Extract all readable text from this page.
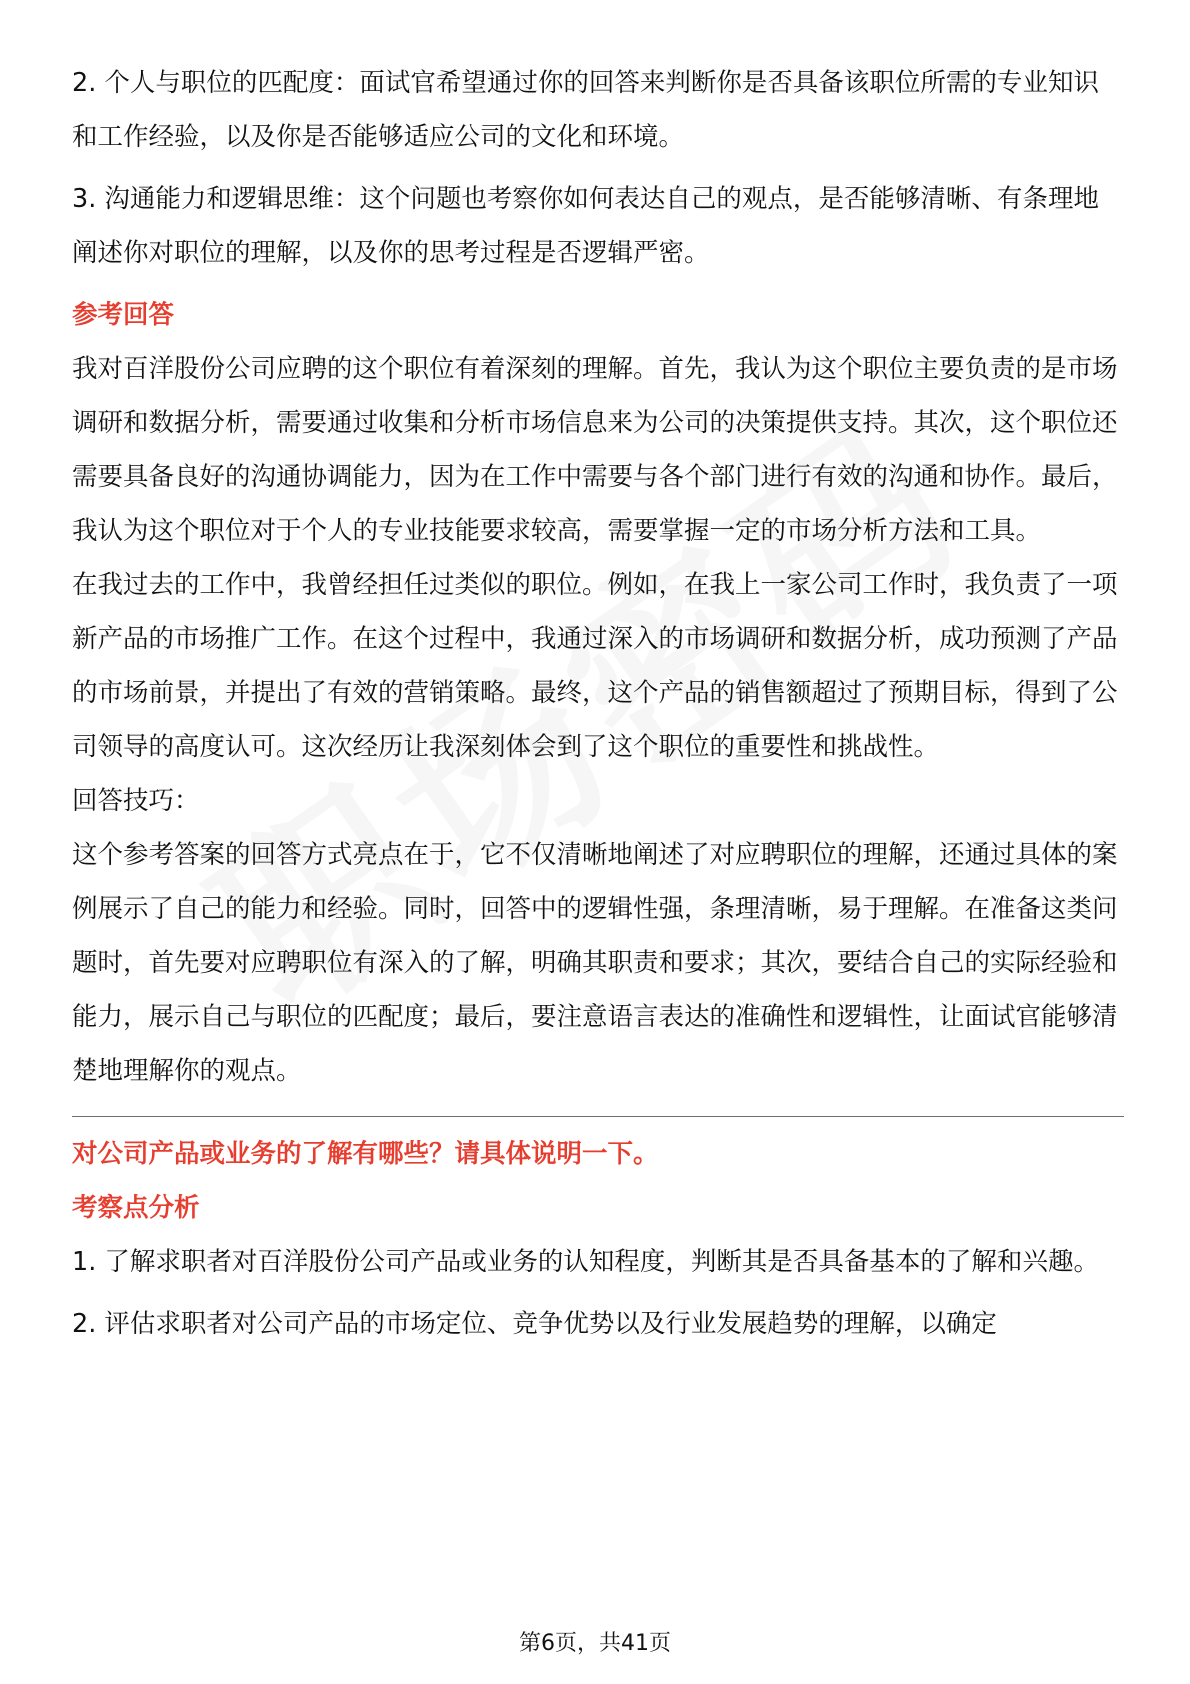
2. 个人与职位的匹配度：面试官希望通过你的回答来判断你是否具备该职位所需的专业知识和工作经验，以及你是否能够适应公司的文化和环境。

3. 沟通能力和逻辑思维：这个问题也考察你如何表达自己的观点，是否能够清晰、有条理地阐述你对职位的理解，以及你的思考过程是否逻辑严密。

参考回答

我对百洋股份公司应聘的这个职位有着深刻的理解。首先，我认为这个职位主要负责的是市场调研和数据分析，需要通过收集和分析市场信息来为公司的决策提供支持。其次，这个职位还需要具备良好的沟通协调能力，因为在工作中需要与各个部门进行有效的沟通和协作。最后，我认为这个职位对于个人的专业技能要求较高，需要掌握一定的市场分析方法和工具。

在我过去的工作中，我曾经担任过类似的职位。例如，在我上一家公司工作时，我负责了一项新产品的市场推广工作。在这个过程中，我通过深入的市场调研和数据分析，成功预测了产品的市场前景，并提出了有效的营销策略。最终，这个产品的销售额超过了预期目标，得到了公司领导的高度认可。这次经历让我深刻体会到了这个职位的重要性和挑战性。

回答技巧：

这个参考答案的回答方式亮点在于，它不仅清晰地阐述了对应聘职位的理解，还通过具体的案例展示了自己的能力和经验。同时，回答中的逻辑性强，条理清晰，易于理解。在准备这类问题时，首先要对应聘职位有深入的了解，明确其职责和要求；其次，要结合自己的实际经验和能力，展示自己与职位的匹配度；最后，要注意语言表达的准确性和逻辑性，让面试官能够清楚地理解你的观点。

对公司产品或业务的了解有哪些？请具体说明一下。
考察点分析

1. 了解求职者对百洋股份公司产品或业务的认知程度，判断其是否具备基本的了解和兴趣。

2. 评估求职者对公司产品的市场定位、竞争优势以及行业发展趋势的理解，以确定

第6页，共41页
